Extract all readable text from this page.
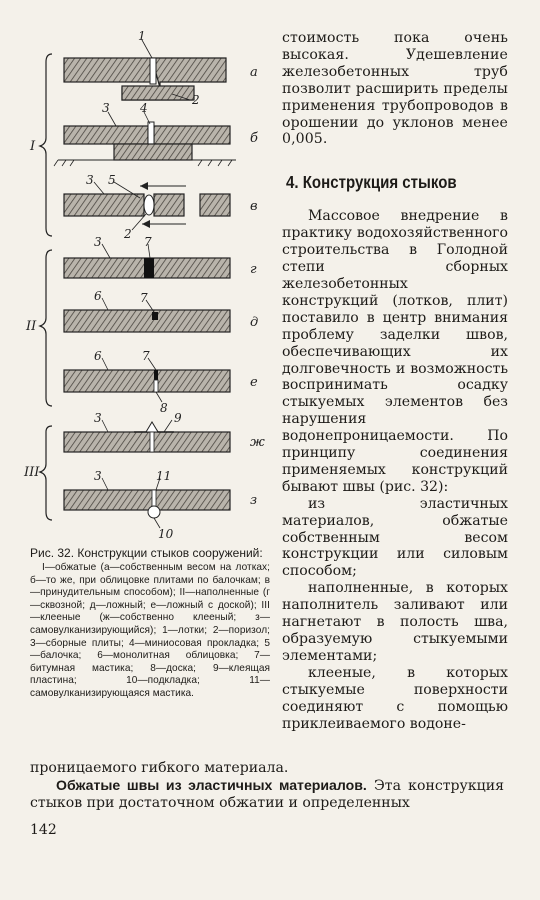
I
II
III
1
2
а
3	4
б
3 5
2
в
3	7
г
6	7
д
6	7
8
е
3	9
ж
3	11
10
з

Рис. 32. Конструкции стыков сооружений:

I—обжатые (а—собственным весом на лотках; б—то же, при облицовке плитами по балочкам; в—принудительным способом); II—наполненные (г—сквозной; д—ложный; е—ложный с доской); III—клееные (ж—собственно клееный; з—самовулканизирующийся); 1—лотки; 2—поризол; 3—сборные плиты; 4—миниосовая прокладка; 5—балочка; 6—монолитная облицовка; 7—битумная мастика; 8—доска; 9—клеящая пластина; 10—подкладка; 11—самовулканизирующаяся мастика.

стоимость пока очень высокая. Удешевление железобетонных труб позволит расширить пределы применения трубопроводов в орошении до уклонов менее 0,005.

4. Конструкция стыков

Массовое внедрение в практику водохозяйственного строительства в Голодной степи сборных железобетонных конструкций (лотков, плит) поставило в центр внимания проблему заделки швов, обеспечивающих их долговечность и возможность воспринимать осадку стыкуемых элементов без нарушения водонепроницаемости. По принципу соединения применяемых конструкций бывают швы (рис. 32):

из эластичных материалов, обжатые собственным весом конструкции или силовым способом;

наполненные, в которых наполнитель заливают или нагнетают в полость шва, образуемую стыкуемыми элементами;

клееные, в которых стыкуемые поверхности соединяют с помощью приклеиваемого водоне-

проницаемого гибкого материала.

Обжатые швы из эластичных материалов. Эта конструкция стыков при достаточном обжатии и определенных

142
